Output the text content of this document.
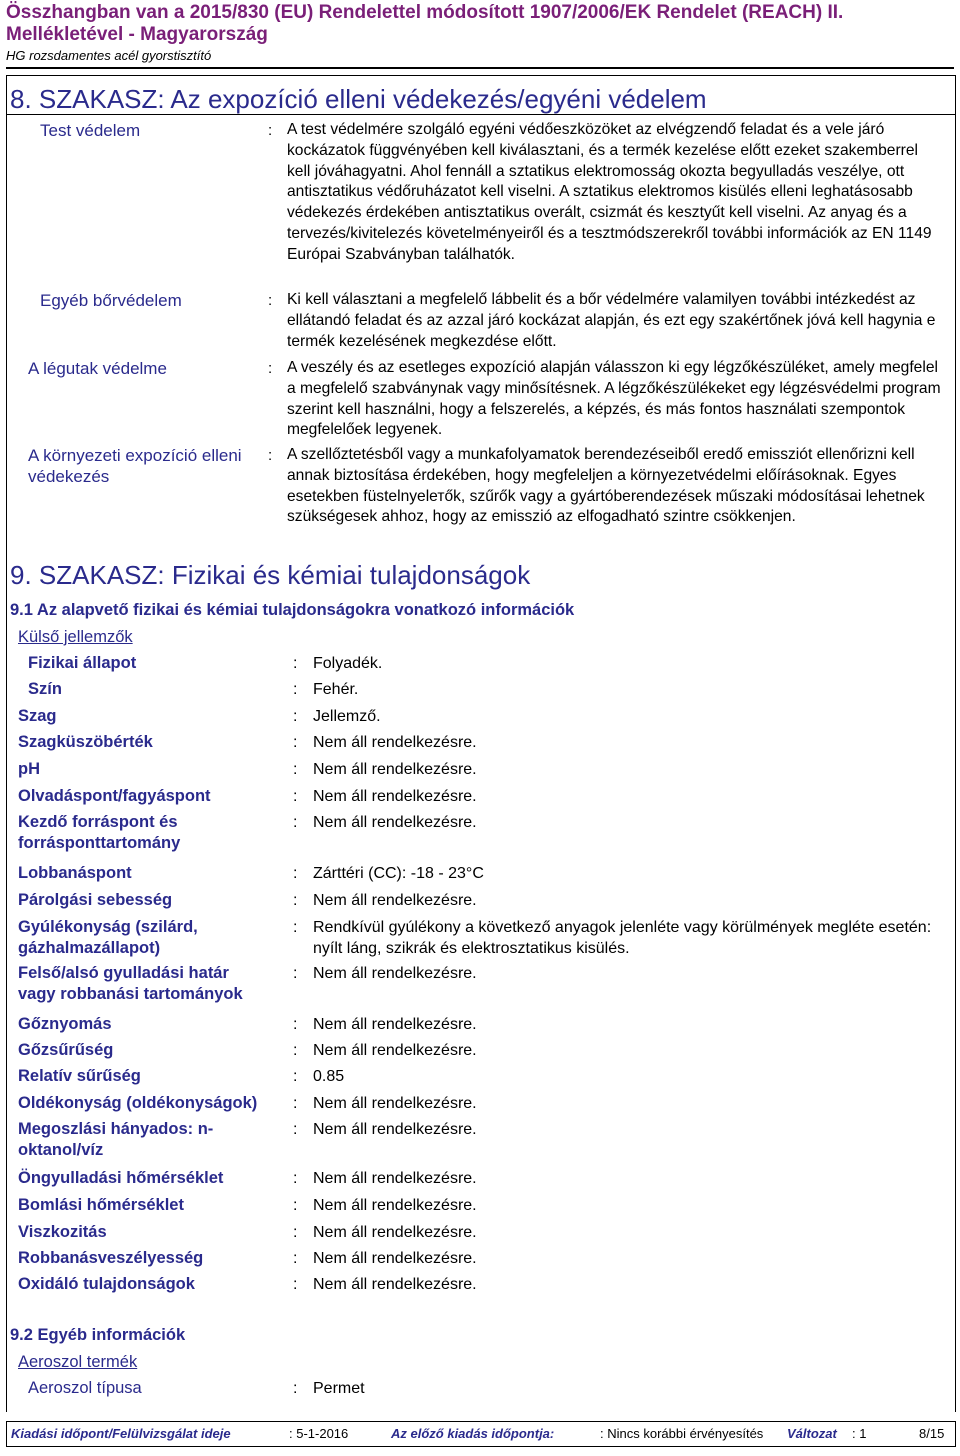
Összhangban van a 2015/830 (EU) Rendelettel módosított 1907/2006/EK Rendelet (REACH) II. Mellékletével - Magyarország
HG rozsdamentes acél gyorstisztító
8. SZAKASZ: Az expozíció elleni védekezés/egyéni védelem
Test védelem	: A test védelmére szolgáló egyéni védőeszközöket az elvégzendő feladat és a vele járó kockázatok függvényében kell kiválasztani, és a termék kezelése előtt ezeket szakemberrel kell jóváhagyatni. Ahol fennáll a sztatikus elektromosság okozta begyulladás veszélye, ott antisztatikus védőruházatot kell viselni. A sztatikus elektromos kisülés elleni leghatásosabb védekezés érdekében antisztatikus overált, csizmát és kesztyűt kell viselni. Az anyag és a tervezés/kivitelezés követelményeiről és a tesztmódszerekről további információk az EN 1149 Európai Szabványban találhatók.
Egyéb bőrvédelem	: Ki kell választani a megfelelő lábbelit és a bőr védelmére valamilyen további intézkedést az ellátandó feladat és az azzal járó kockázat alapján, és ezt egy szakértőnek jóvá kell hagynia e termék kezelésének megkezdése előtt.
A légutak védelme	: A veszély és az esetleges expozíció alapján válasszon ki egy légzőkészüléket, amely megfelel a megfelelő szabványnak vagy minősítésnek. A légzőkészülékeket egy légzésvédelmi program szerint kell használni, hogy a felszerelés, a képzés, és más fontos használati szempontok megfelelőek legyenek.
A környezeti expozíció elleni védekezés
: A szellőztetésből vagy a munkafolyamatok berendezéseiből eredő emissziót ellenőrizni kell annak biztosítása érdekében, hogy megfeleljen a környezetvédelmi előírásoknak. Egyes esetekben füstelnyelетők, szűrők vagy a gyártóberendezések műszaki módosításai lehetnek szükségesek ahhoz, hogy az emisszió az elfogadható szintre csökkenjen.
9. SZAKASZ: Fizikai és kémiai tulajdonságok
9.1 Az alapvető fizikai és kémiai tulajdonságokra vonatkozó információk
Külső jellemzők
Fizikai állapot	: Folyadék.
Szín	: Fehér.
Szag	: Jellemző.
Szagküszöbérték	: Nem áll rendelkezésre.
pH	: Nem áll rendelkezésre.
Olvadáspont/fagyáspont	: Nem áll rendelkezésre.
Kezdő forráspont és forrásponttartomány
: Nem áll rendelkezésre.
Lobbanáspont	: Zárttéri (CC): -18 - 23°C
Párolgási sebesség	: Nem áll rendelkezésre.
Gyúlékonyság (szilárd, gázhalmazállapot)
: Rendkívül gyúlékony a következő anyagok jelenléte vagy körülmények megléte esetén: nyílt láng, szikrák és elektrosztatikus kisülés.
Felső/alsó gyulladási határ vagy robbanási tartományok
: Nem áll rendelkezésre.
Gőznyomás	: Nem áll rendelkezésre.
Gőzsűrűség	: Nem áll rendelkezésre.
Relatív sűrűség	: 0.85
Oldékonyság (oldékonyságok) : Nem áll rendelkezésre.
Megoszlási hányados: n-oktanol/víz
: Nem áll rendelkezésre.
Öngyulladási hőmérséklet	: Nem áll rendelkezésre.
Bomlási hőmérséklet	: Nem áll rendelkezésre.
Viszkozitás	: Nem áll rendelkezésre.
Robbanásveszélyesség	: Nem áll rendelkezésre.
Oxidáló tulajdonságok	: Nem áll rendelkezésre.
9.2 Egyéb információk
Aeroszol termék
Aeroszol típusa	: Permet
Kiadási időpont/Felülvizsgálat ideje	: 5-1-2016	Az előző kiadás időpontja:	: Nincs korábbi érvényesítés Változat : 1	8/15
